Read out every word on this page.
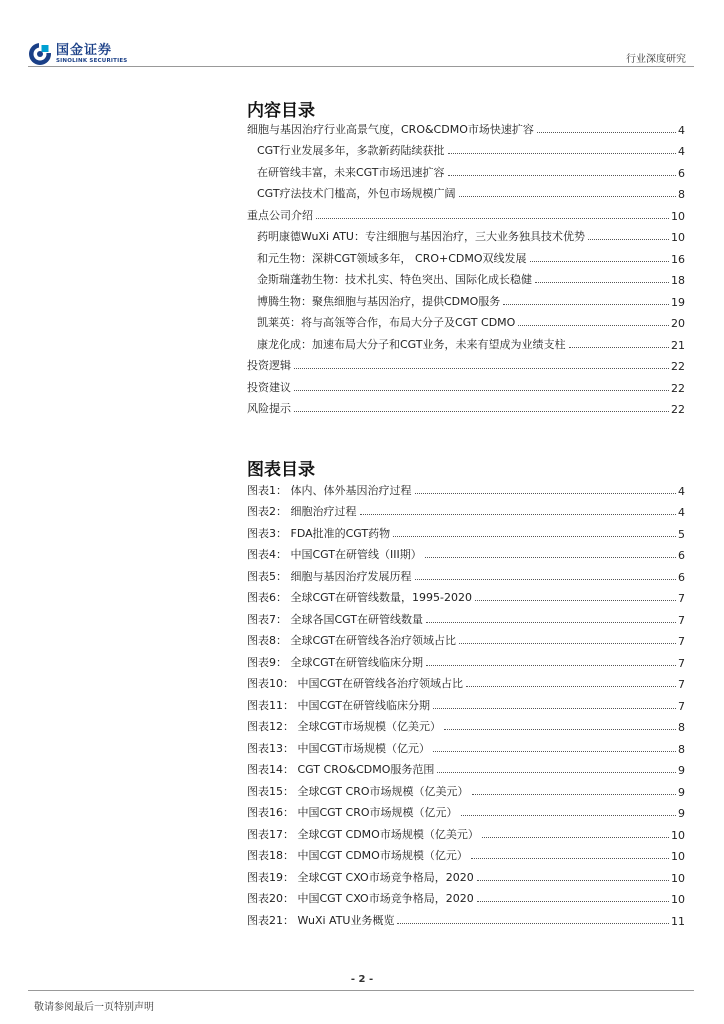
国金证券
SINOLINK SECURITIES	行业深度研究
内容目录
细胞与基因治疗行业高景气度，CRO&CDMO市场快速扩容	4
CGT行业发展多年，多款新药陆续获批	4
在研管线丰富，未来CGT市场迅速扩容	6
CGT疗法技术门槛高，外包市场规模广阔	8
重点公司介绍	10
药明康德WuXi ATU：专注细胞与基因治疗，三大业务独具技术优势	10
和元生物：深耕CGT领域多年， CRO+CDMO双线发展	16
金斯瑞蓬勃生物：技术扎实、特色突出、国际化成长稳健	18
博腾生物：聚焦细胞与基因治疗，提供CDMO服务	19
凯莱英：将与高瓴等合作，布局大分子及CGT CDMO	20
康龙化成：加速布局大分子和CGT业务，未来有望成为业绩支柱	21
投资逻辑	22
投资建议	22
风险提示	22
图表目录
图表1： 体内、体外基因治疗过程	4
图表2： 细胞治疗过程	4
图表3： FDA批准的CGT药物	5
图表4： 中国CGT在研管线（III期）	6
图表5： 细胞与基因治疗发展历程	6
图表6： 全球CGT在研管线数量，1995-2020	7
图表7： 全球各国CGT在研管线数量	7
图表8： 全球CGT在研管线各治疗领域占比	7
图表9： 全球CGT在研管线临床分期	7
图表10： 中国CGT在研管线各治疗领域占比	7
图表11： 中国CGT在研管线临床分期	7
图表12： 全球CGT市场规模（亿美元）	8
图表13： 中国CGT市场规模（亿元）	8
图表14： CGT CRO&CDMO服务范围	9
图表15： 全球CGT CRO市场规模（亿美元）	9
图表16： 中国CGT CRO市场规模（亿元）	9
图表17： 全球CGT CDMO市场规模（亿美元）	10
图表18： 中国CGT CDMO市场规模（亿元）	10
图表19： 全球CGT CXO市场竞争格局，2020	10
图表20： 中国CGT CXO市场竞争格局，2020	10
图表21： WuXi ATU业务概览	11
- 2 -
敬请参阅最后一页特别声明
